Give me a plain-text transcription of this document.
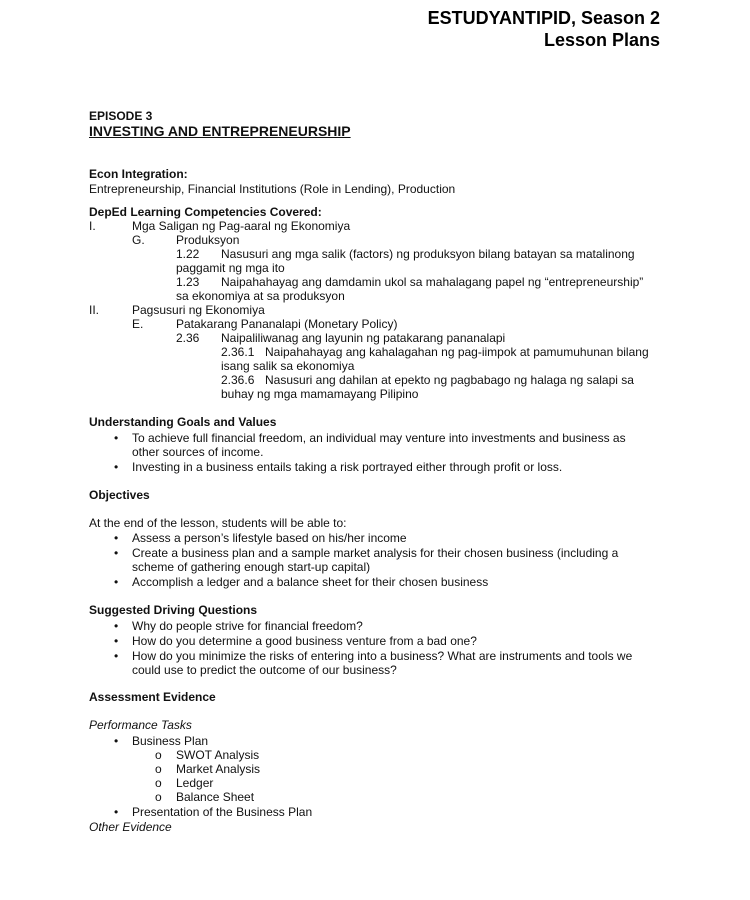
ESTUDYANTIPID, Season 2
Lesson Plans
EPISODE 3
INVESTING AND ENTREPRENEURSHIP
Econ Integration:
Entrepreneurship, Financial Institutions (Role in Lending), Production
DepEd Learning Competencies Covered:
I.	Mga Saligan ng Pag-aaral ng Ekonomiya
G.	Produksyon
1.22 Nasusuri ang mga salik (factors) ng produksyon bilang batayan sa matalinong
paggamit ng mga ito
1.23 Naipahahayag ang damdamin ukol sa mahalagang papel ng “entrepreneurship”
sa ekonomiya at sa produksyon
II.	Pagsusuri ng Ekonomiya
E.	Patakarang Pananalapi (Monetary Policy)
2.36 Naipaliliwanag ang layunin ng patakarang pananalapi
2.36.1 Naipahahayag ang kahalagahan ng pag-iimpok at pamumuhunan bilang
isang salik sa ekonomiya
2.36.6 Nasusuri ang dahilan at epekto ng pagbabago ng halaga ng salapi sa
buhay ng mga mamamayang Pilipino
Understanding Goals and Values
• To achieve full financial freedom, an individual may venture into investments and business as
other sources of income.
• Investing in a business entails taking a risk portrayed either through profit or loss.
Objectives
At the end of the lesson, students will be able to:
• Assess a person’s lifestyle based on his/her income
• Create a business plan and a sample market analysis for their chosen business (including a
scheme of gathering enough start-up capital)
• Accomplish a ledger and a balance sheet for their chosen business
Suggested Driving Questions
• Why do people strive for financial freedom?
• How do you determine a good business venture from a bad one?
• How do you minimize the risks of entering into a business? What are instruments and tools we
could use to predict the outcome of our business?
Assessment Evidence
Performance Tasks
• Business Plan
o SWOT Analysis
o Market Analysis
o Ledger
o Balance Sheet
• Presentation of the Business Plan
Other Evidence
